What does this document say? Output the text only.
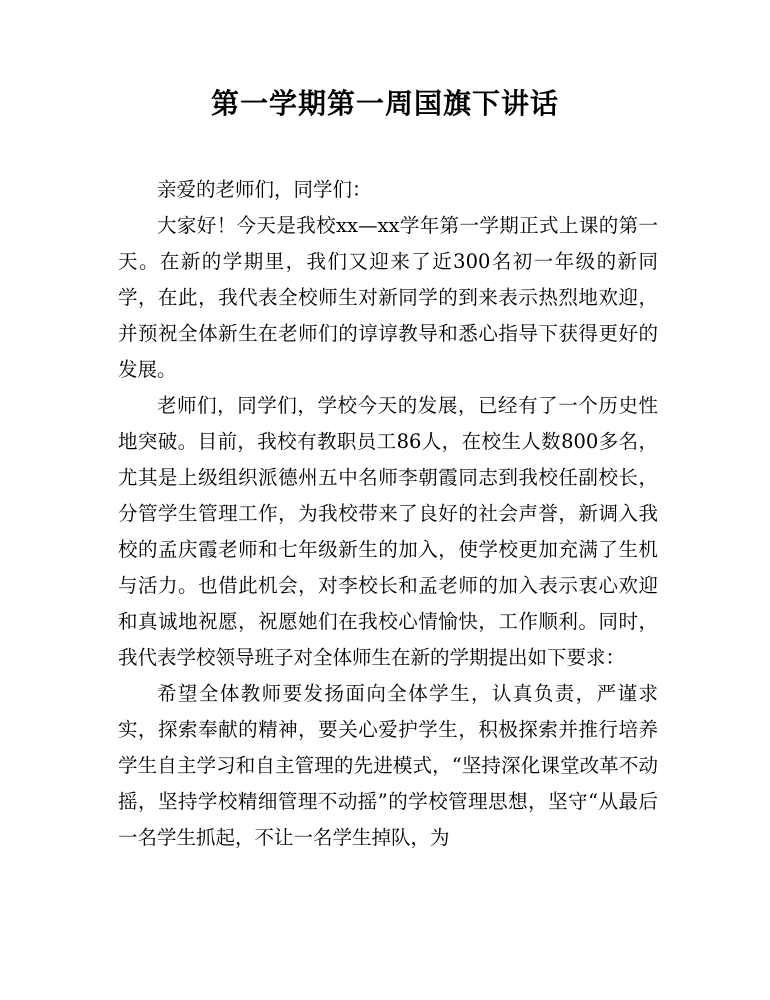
第一学期第一周国旗下讲话

亲爱的老师们，同学们：

大家好！今天是我校xx—xx学年第一学期正式上课的第一天。在新的学期里，我们又迎来了近300名初一年级的新同学，在此，我代表全校师生对新同学的到来表示热烈地欢迎，并预祝全体新生在老师们的谆谆教导和悉心指导下获得更好的发展。

老师们，同学们，学校今天的发展，已经有了一个历史性地突破。目前，我校有教职员工86人，在校生人数800多名，尤其是上级组织派德州五中名师李朝霞同志到我校任副校长，分管学生管理工作，为我校带来了良好的社会声誉，新调入我校的孟庆霞老师和七年级新生的加入，使学校更加充满了生机与活力。也借此机会，对李校长和孟老师的加入表示衷心欢迎和真诚地祝愿，祝愿她们在我校心情愉快，工作顺利。同时，我代表学校领导班子对全体师生在新的学期提出如下要求：

希望全体教师要发扬面向全体学生，认真负责，严谨求实，探索奉献的精神，要关心爱护学生，积极探索并推行培养学生自主学习和自主管理的先进模式，“坚持深化课堂改革不动摇，坚持学校精细管理不动摇”的学校管理思想，坚守“从最后一名学生抓起，不让一名学生掉队，为
